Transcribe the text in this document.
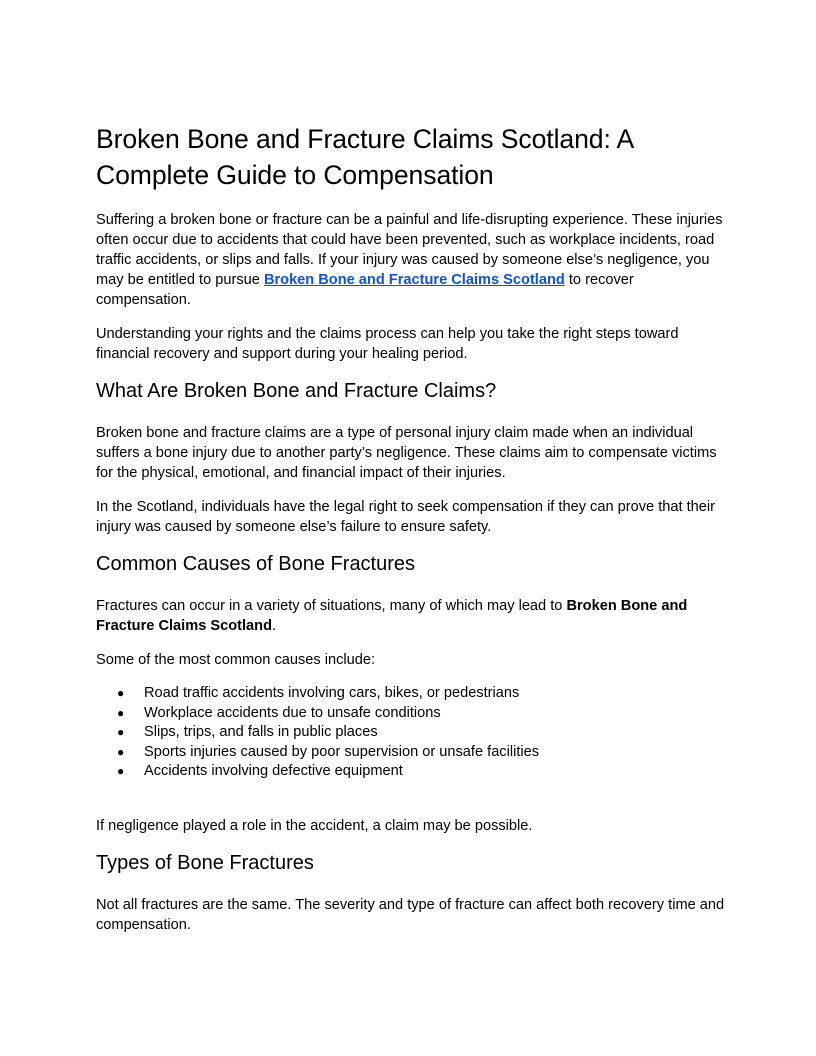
Broken Bone and Fracture Claims Scotland: A Complete Guide to Compensation

Suffering a broken bone or fracture can be a painful and life-disrupting experience. These injuries often occur due to accidents that could have been prevented, such as workplace incidents, road traffic accidents, or slips and falls. If your injury was caused by someone else’s negligence, you may be entitled to pursue Broken Bone and Fracture Claims Scotland to recover compensation.

Understanding your rights and the claims process can help you take the right steps toward financial recovery and support during your healing period.

What Are Broken Bone and Fracture Claims?

Broken bone and fracture claims are a type of personal injury claim made when an individual suffers a bone injury due to another party’s negligence. These claims aim to compensate victims for the physical, emotional, and financial impact of their injuries.

In the Scotland, individuals have the legal right to seek compensation if they can prove that their injury was caused by someone else’s failure to ensure safety.

Common Causes of Bone Fractures

Fractures can occur in a variety of situations, many of which may lead to Broken Bone and Fracture Claims Scotland.

Some of the most common causes include:

● Road traffic accidents involving cars, bikes, or pedestrians
● Workplace accidents due to unsafe conditions
● Slips, trips, and falls in public places
● Sports injuries caused by poor supervision or unsafe facilities
● Accidents involving defective equipment

If negligence played a role in the accident, a claim may be possible.

Types of Bone Fractures

Not all fractures are the same. The severity and type of fracture can affect both recovery time and compensation.
